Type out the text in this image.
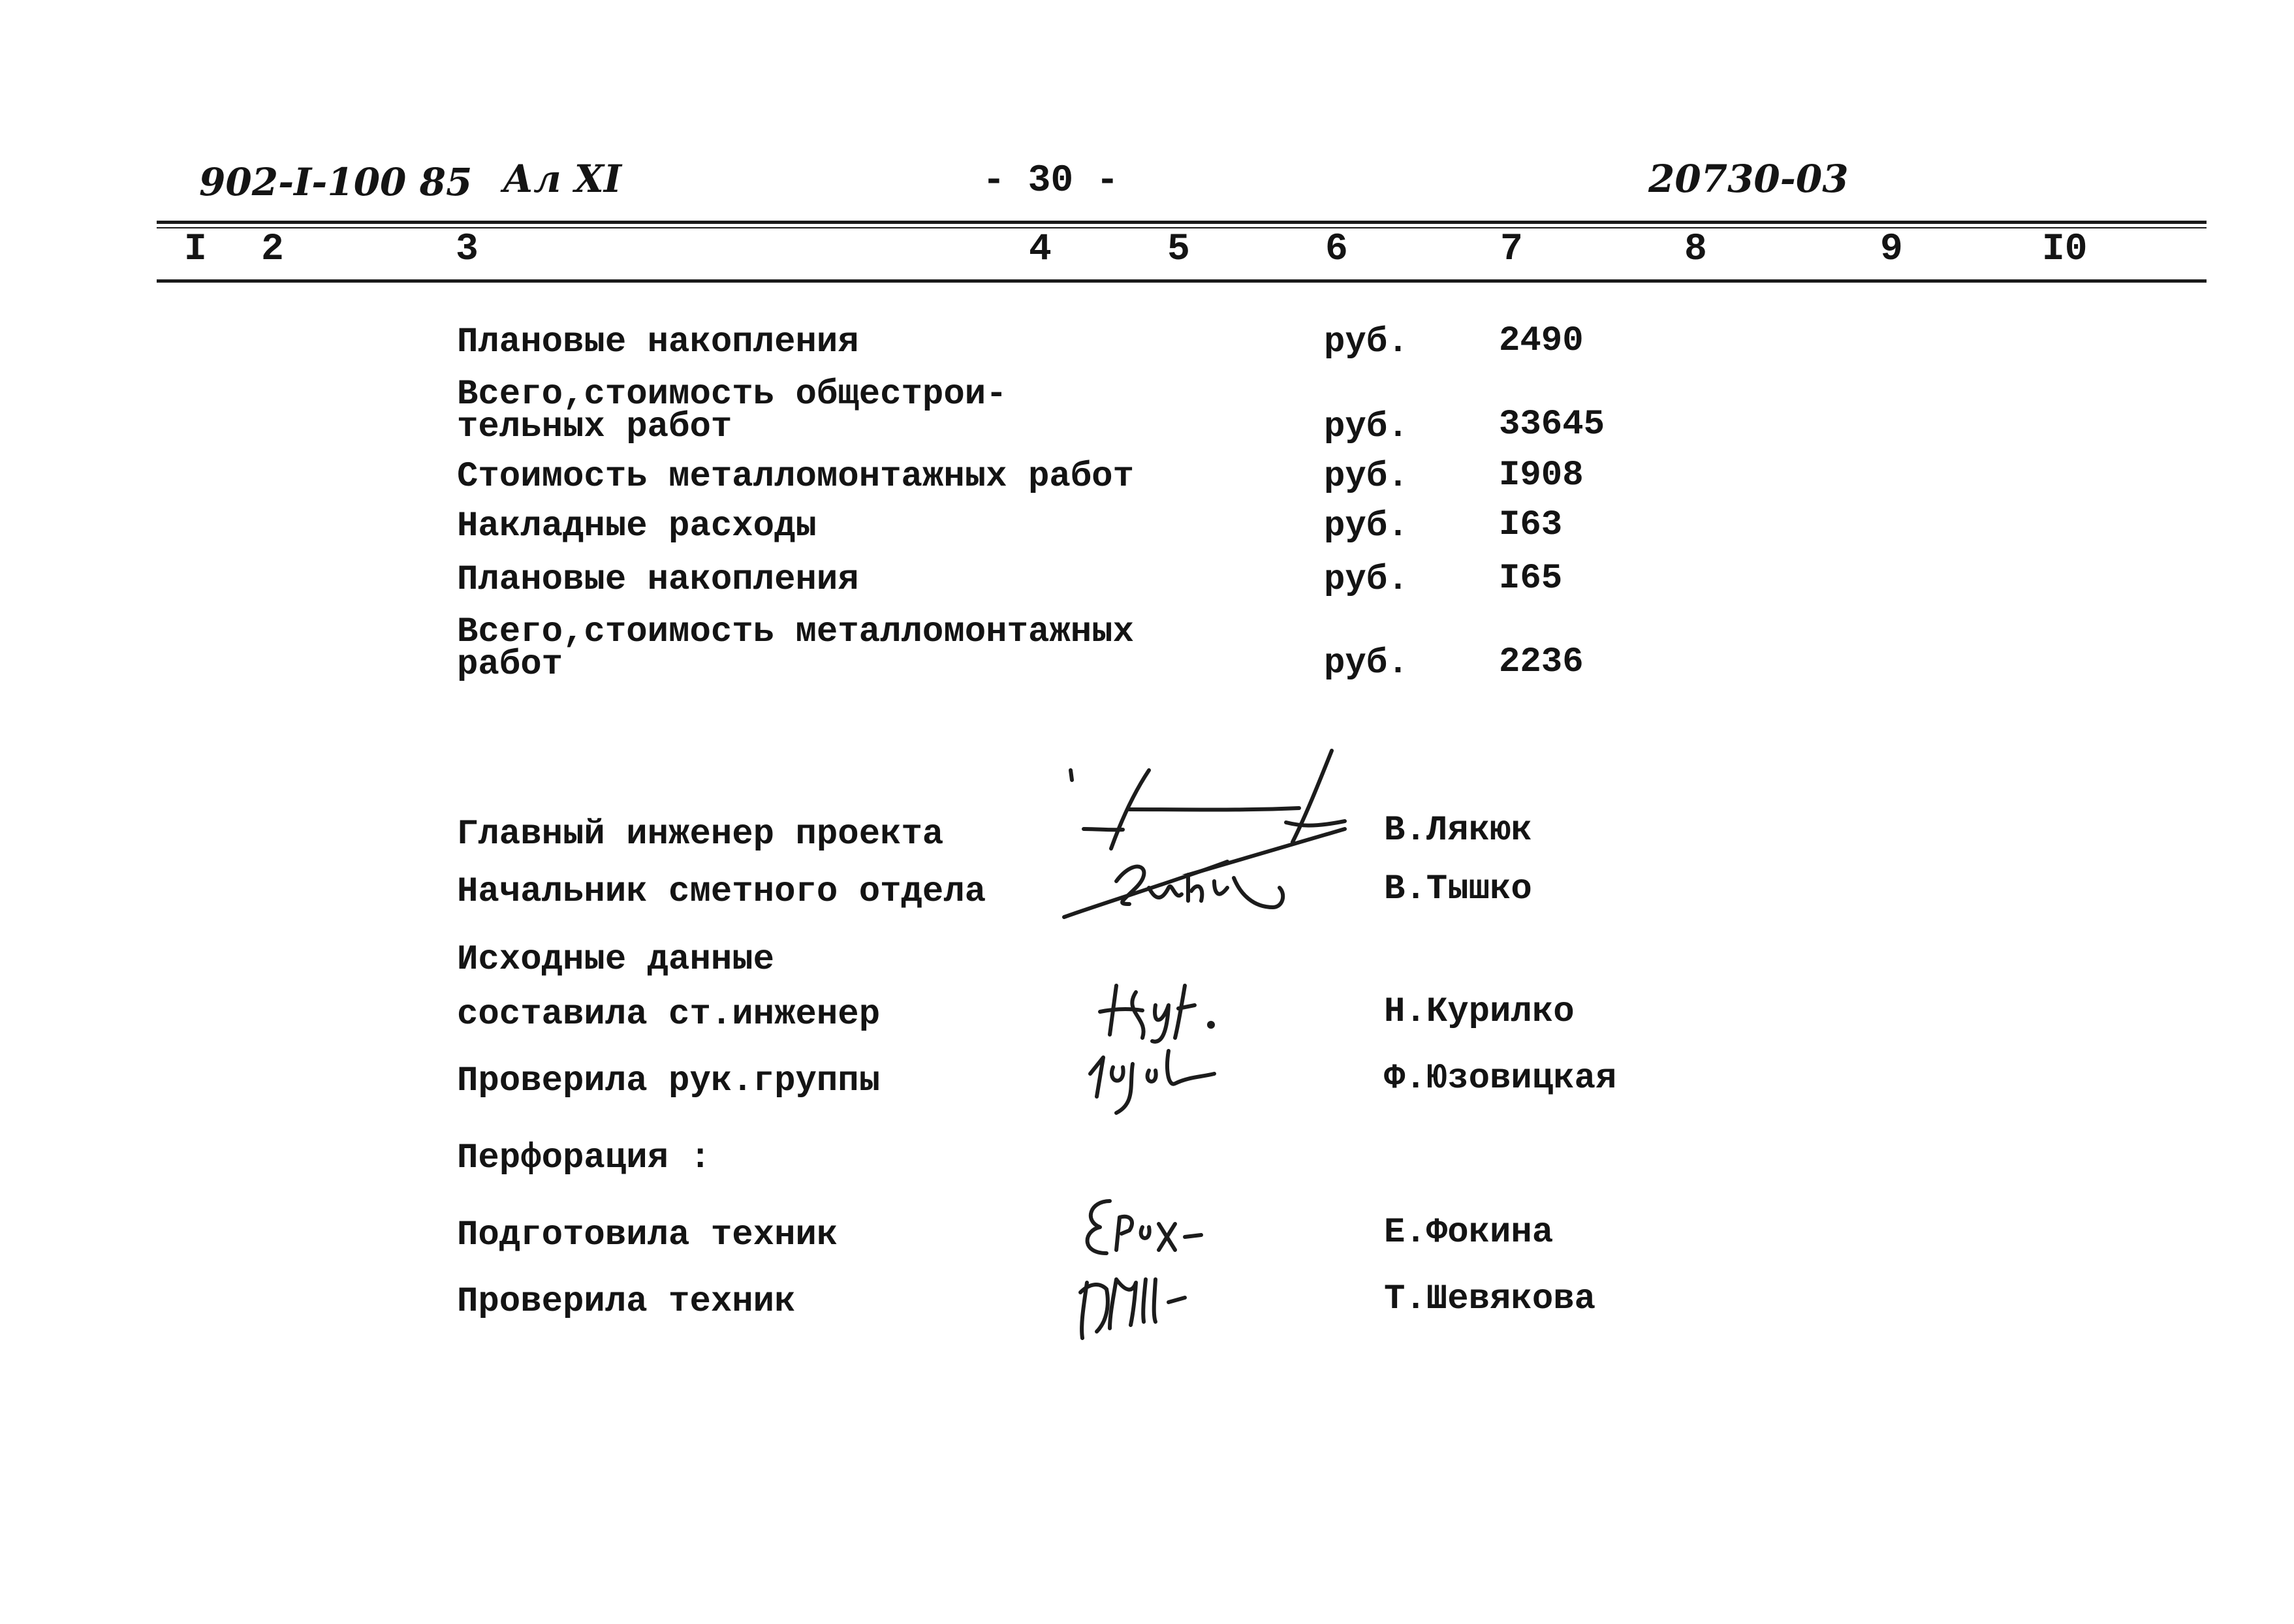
902-I-100 85 Ал XI	- 30 -	20730-03
I 2	3	4	5	6	7	8	9	I0
Плановые накопления	руб.	2490
Всего,стоимость общестрои-
тельных работ	руб.	33645
Стоимость металломонтажных работ	руб.	I908
Накладные расходы	руб.	I63
Плановые накопления	руб.	I65
Всего,стоимость металломонтажных
работ	руб.	2236
Главный инженер проекта	В.Лякюк
Начальник сметного отдела	В.Тышко
Исходные данные
составила ст.инженер	Н.Курилко
Проверила рук.группы	Ф.Юзовицкая
Перфорация :
Подготовила техник	Е.Фокина
Проверила техник	Т.Шевякова
